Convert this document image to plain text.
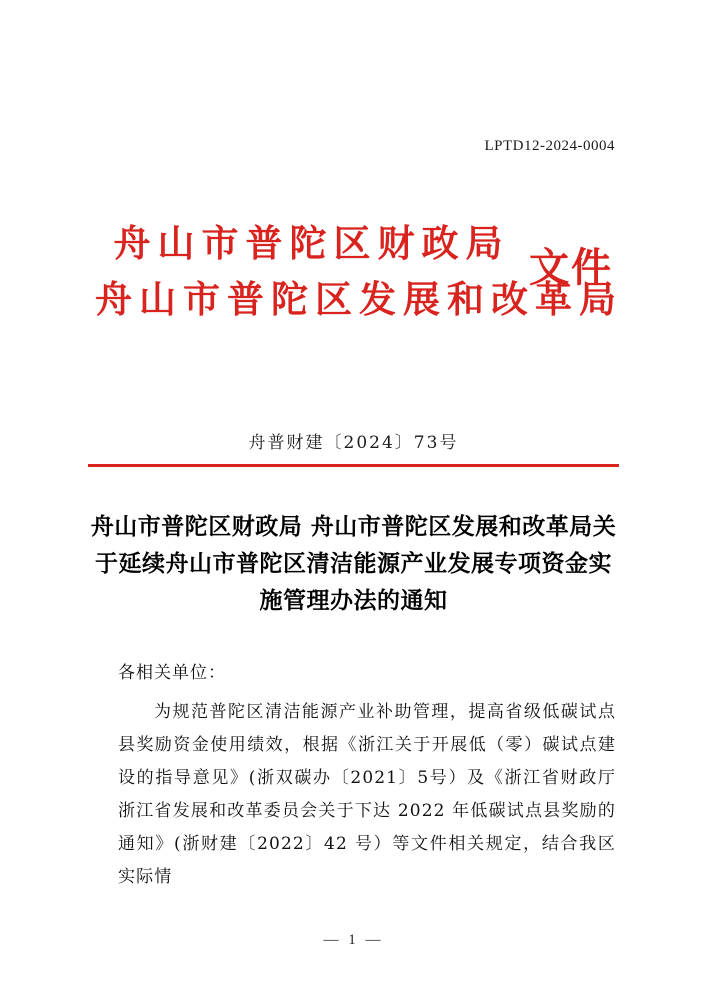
LPTD12-2024-0004
舟山市普陀区财政局
舟山市普陀区发展和改革局
文件
舟普财建〔2024〕73号
舟山市普陀区财政局 舟山市普陀区发展和改革局关于延续舟山市普陀区清洁能源产业发展专项资金实施管理办法的通知
各相关单位：

为规范普陀区清洁能源产业补助管理，提高省级低碳试点县奖励资金使用绩效，根据《浙江关于开展低（零）碳试点建设的指导意见》(浙双碳办〔2021〕5号）及《浙江省财政厅 浙江省发展和改革委员会关于下达 2022 年低碳试点县奖励的通知》(浙财建〔2022〕42 号）等文件相关规定，结合我区实际情

— 1 —
